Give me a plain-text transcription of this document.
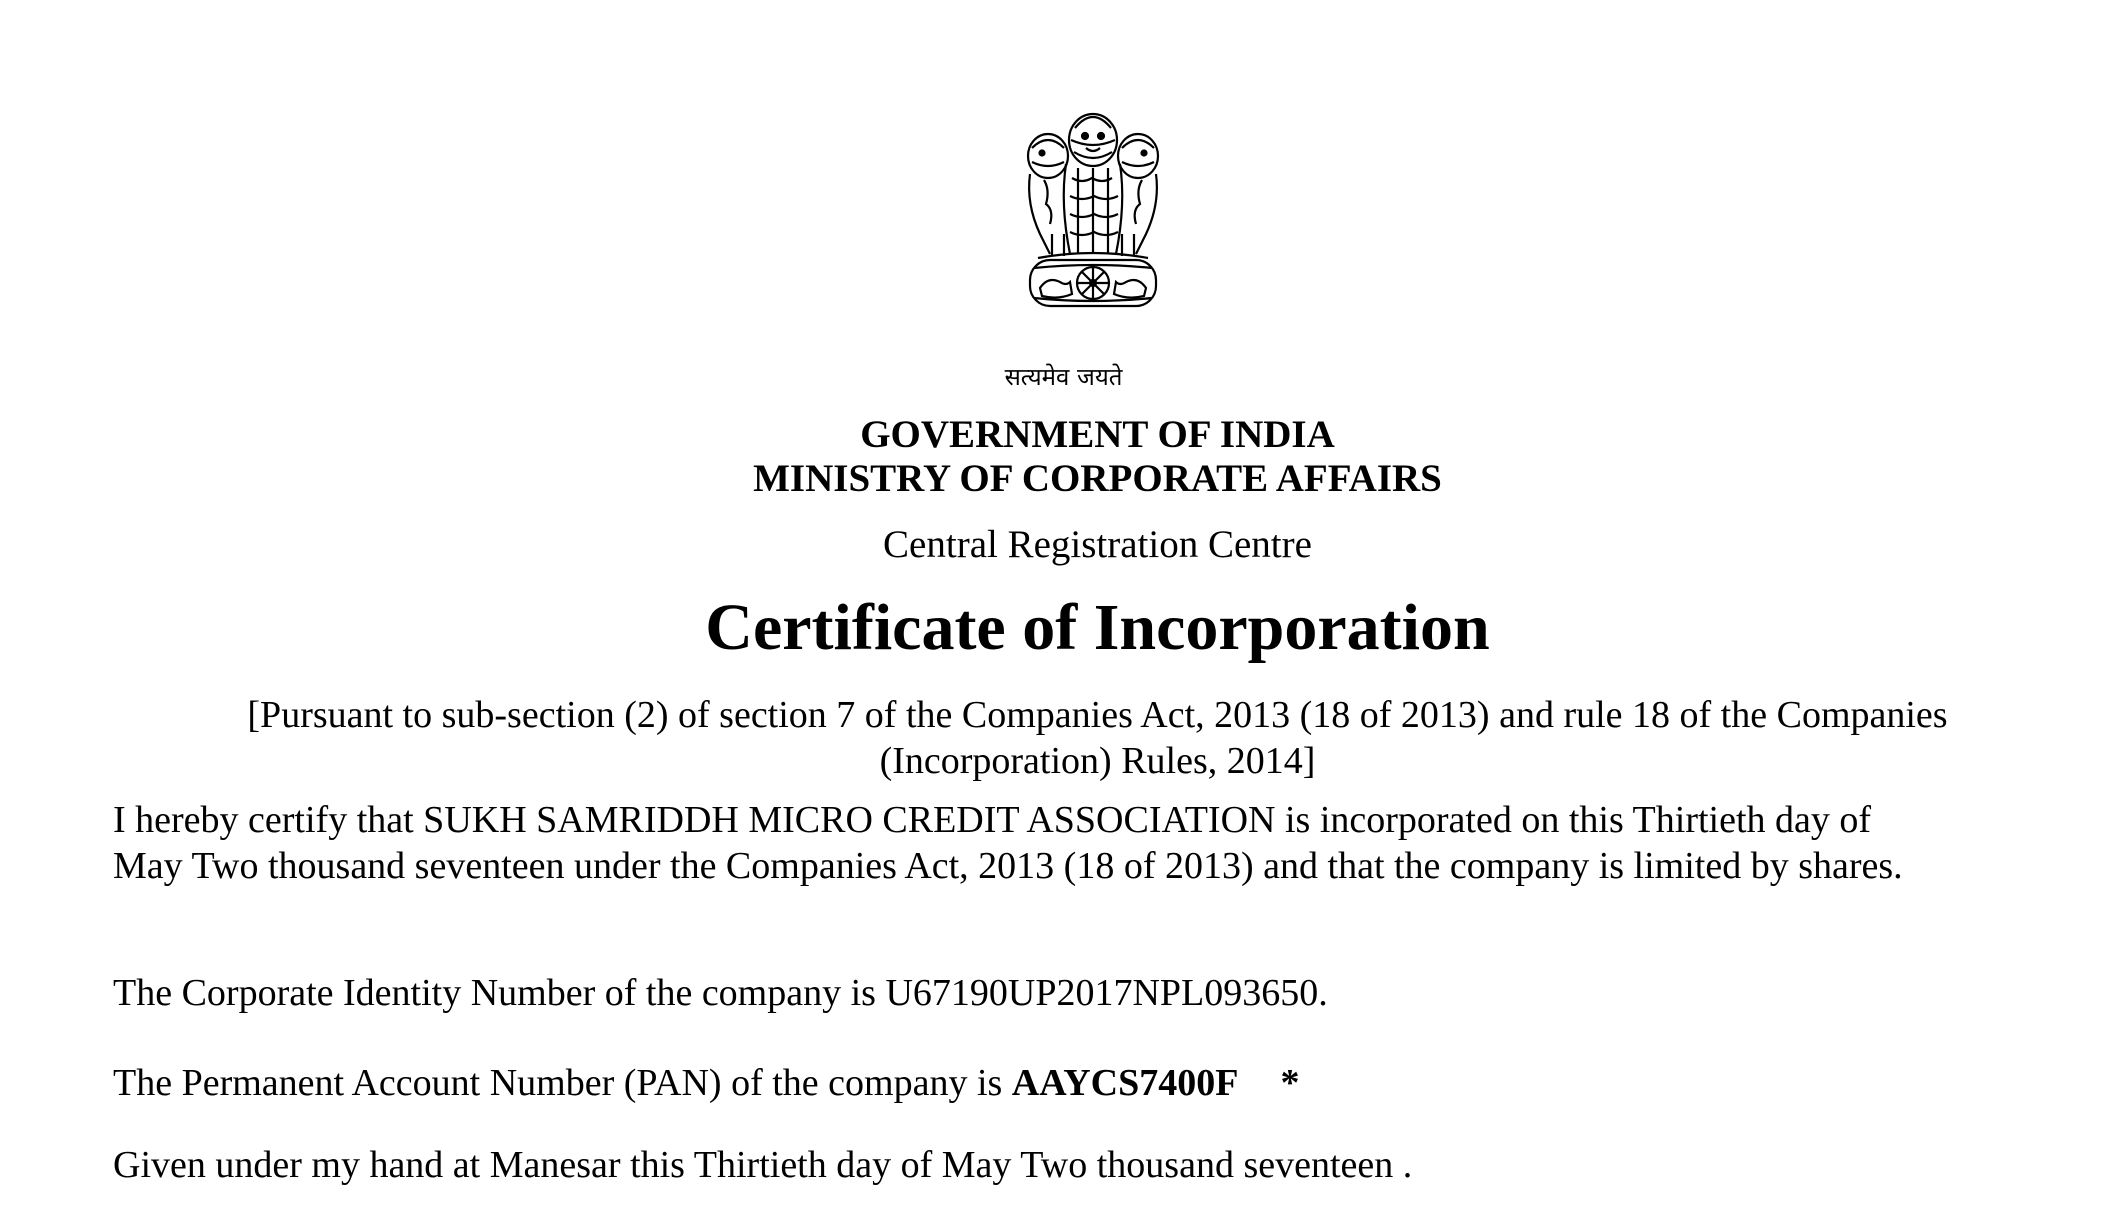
सत्यमेव जयते
GOVERNMENT OF INDIA
MINISTRY OF CORPORATE AFFAIRS
Central Registration Centre
Certificate of Incorporation
[Pursuant to sub-section (2) of section 7 of the Companies Act, 2013 (18 of 2013) and rule 18 of the Companies
(Incorporation) Rules, 2014]
I hereby certify that SUKH SAMRIDDH MICRO CREDIT ASSOCIATION is incorporated on this Thirtieth day of
May Two thousand seventeen under the Companies Act, 2013 (18 of 2013) and that the company is limited by shares.
The Corporate Identity Number of the company is U67190UP2017NPL093650.
The Permanent Account Number (PAN) of the company is AAYCS7400F *
Given under my hand at Manesar this Thirtieth day of May Two thousand seventeen .
